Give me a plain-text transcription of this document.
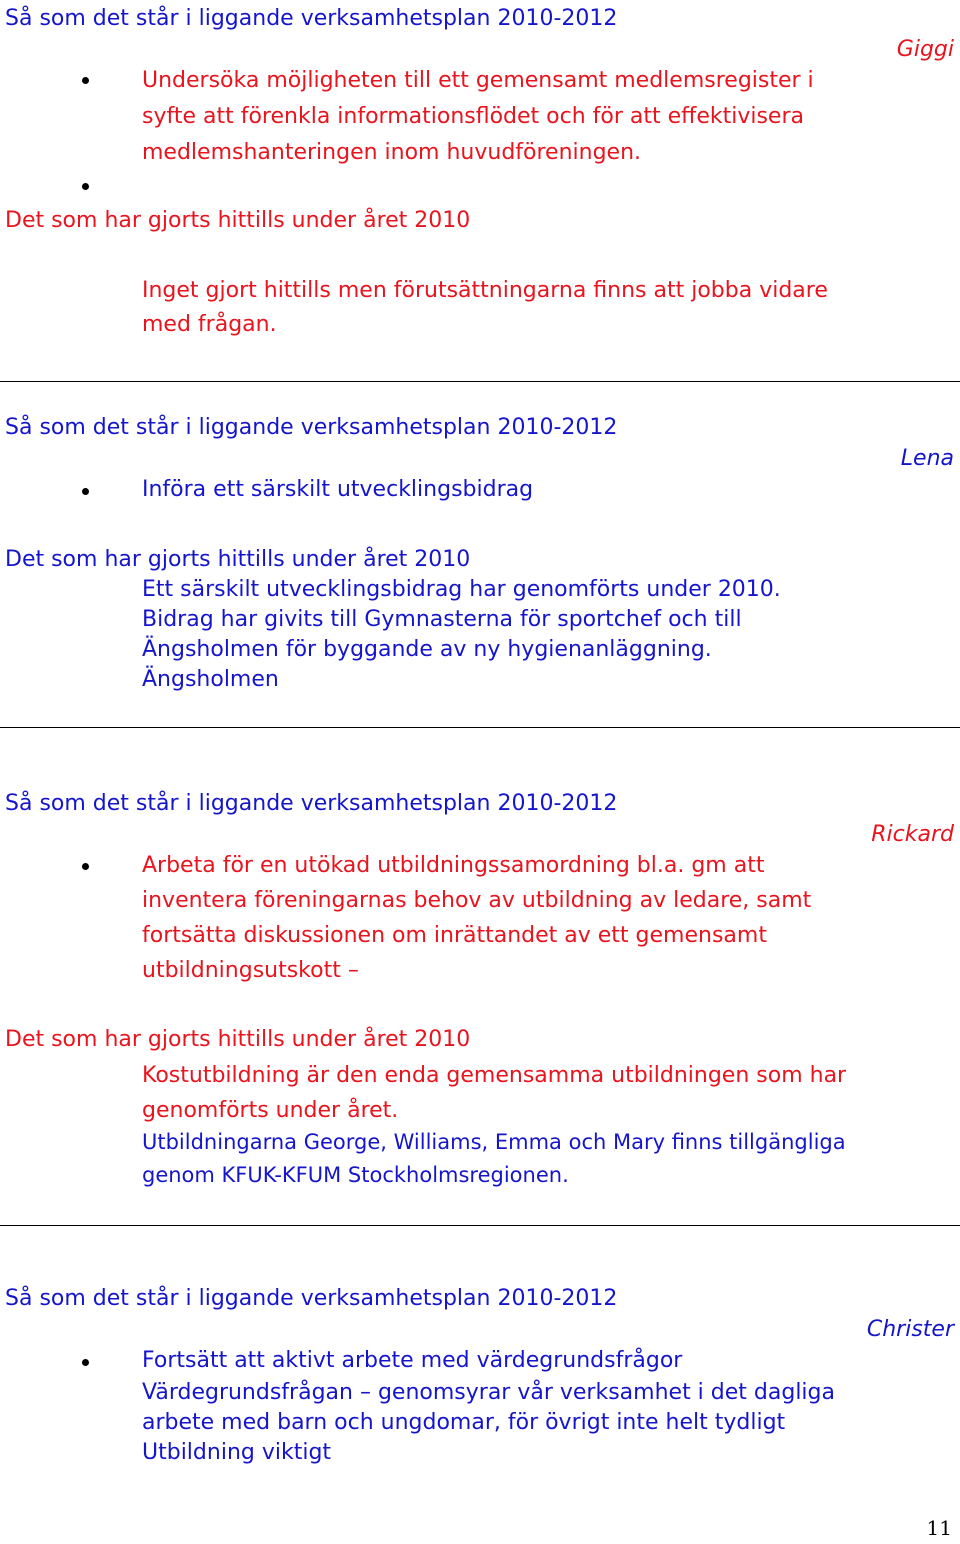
Så som det står i liggande verksamhetsplan 2010-2012
Giggi
Undersöka möjligheten till ett gemensamt medlemsregister i
syfte att förenkla informationsflödet och för att effektivisera
medlemshanteringen inom huvudföreningen.
Det som har gjorts hittills under året 2010
Inget gjort hittills men förutsättningarna finns att jobba vidare
med frågan.
Så som det står i liggande verksamhetsplan 2010-2012
Lena
Införa ett särskilt utvecklingsbidrag
Det som har gjorts hittills under året 2010
Ett särskilt utvecklingsbidrag har genomförts under 2010.
Bidrag har givits till Gymnasterna för sportchef och till
Ängsholmen för byggande av ny hygienanläggning.
Ängsholmen
Så som det står i liggande verksamhetsplan 2010-2012
Rickard
Arbeta för en utökad utbildningssamordning bl.a. gm att
inventera föreningarnas behov av utbildning av ledare, samt
fortsätta diskussionen om inrättandet av ett gemensamt
utbildningsutskott –
Det som har gjorts hittills under året 2010
Kostutbildning är den enda gemensamma utbildningen som har
genomförts under året.
Utbildningarna George, Williams, Emma och Mary finns tillgängliga
genom KFUK-KFUM Stockholmsregionen.
Så som det står i liggande verksamhetsplan 2010-2012
Christer
Fortsätt att aktivt arbete med värdegrundsfrågor
Värdegrundsfrågan – genomsyrar vår verksamhet i det dagliga
arbete med barn och ungdomar, för övrigt inte helt tydligt
Utbildning viktigt
11
